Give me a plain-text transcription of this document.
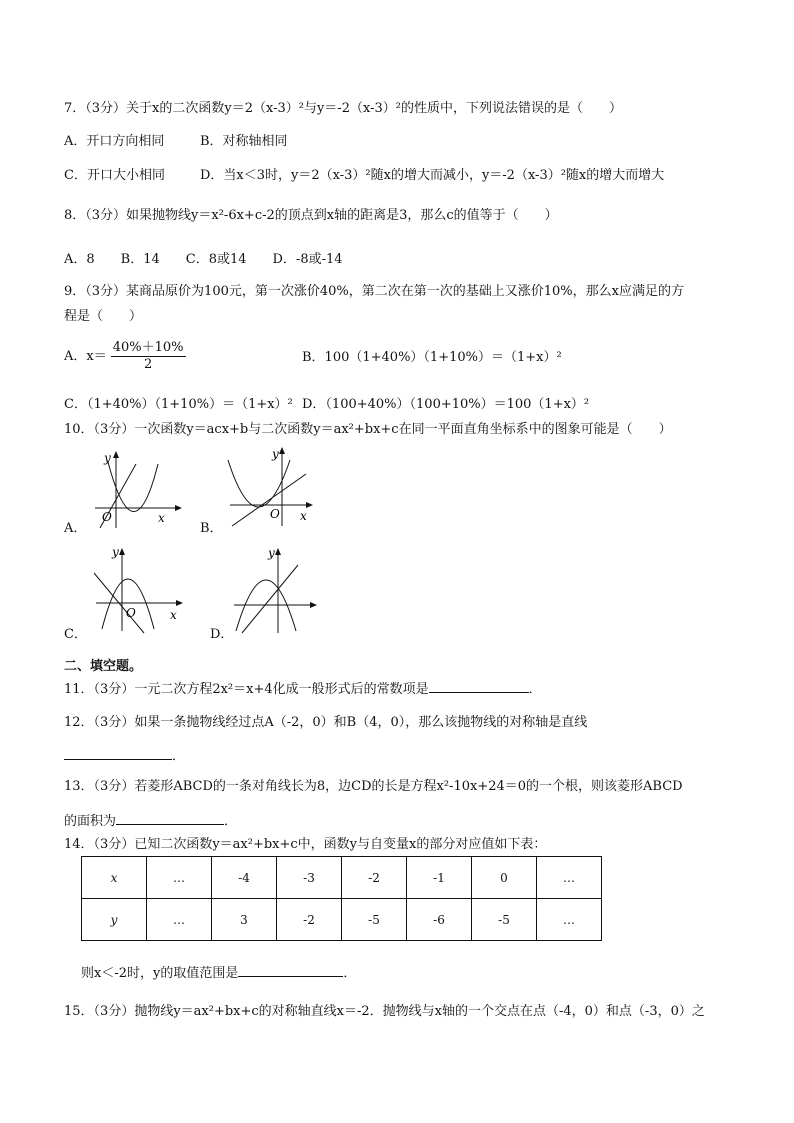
7．（3分）关于x的二次函数y＝2（x-3）²与y＝-2（x-3）²的性质中，下列说法错误的是（　　）
A．开口方向相同	B．对称轴相同
C．开口大小相同	D．当x＜3时，y＝2（x-3）²随x的增大而减小，y＝-2（x-3）²随x的增大而增大
8．（3分）如果抛物线y＝x²-6x+c-2的顶点到x轴的距离是3，那么c的值等于（　　）
A．8　　B．14　　C．8或14　　D．-8或-14
9．（3分）某商品原价为100元，第一次涨价40%，第二次在第一次的基础上又涨价10%，那么x应满足的方
程是（　　）
A．$x= \frac{40\%+10\%}{2}$	B．100（1+40%）（1+10%）＝（1+x）²
C．（1+40%）（1+10%）＝（1+x）² D．（100+40%）（100+10%）＝100（1+x）²
10．（3分）一次函数y＝acx+b与二次函数y＝ax²+bx+c在同一平面直角坐标系中的图象可能是（　　）
A．
O	x
y
B．
O x
y
C．
O	x
y
D．
y
二、填空题。
11．（3分）一元二次方程2x²＝x+4化成一般形式后的常数项是	．
12．（3分）如果一条抛物线经过点A（-2，0）和B（4，0），那么该抛物线的对称轴是直线
．
13．（3分）若菱形ABCD的一条对角线长为8，边CD的长是方程x²-10x+24＝0的一个根，则该菱形ABCD
的面积为	．
14．（3分）已知二次函数y＝ax²+bx+c中，函数y与自变量x的部分对应值如下表：
x	…	-4	-3	-2	-1	0	…
y	…	3	-2	-5	-6	-5	…
则x＜-2时，y的取值范围是	．
15．（3分）抛物线y＝ax²+bx+c的对称轴直线x＝-2．抛物线与x轴的一个交点在点（-4，0）和点（-3，0）之
